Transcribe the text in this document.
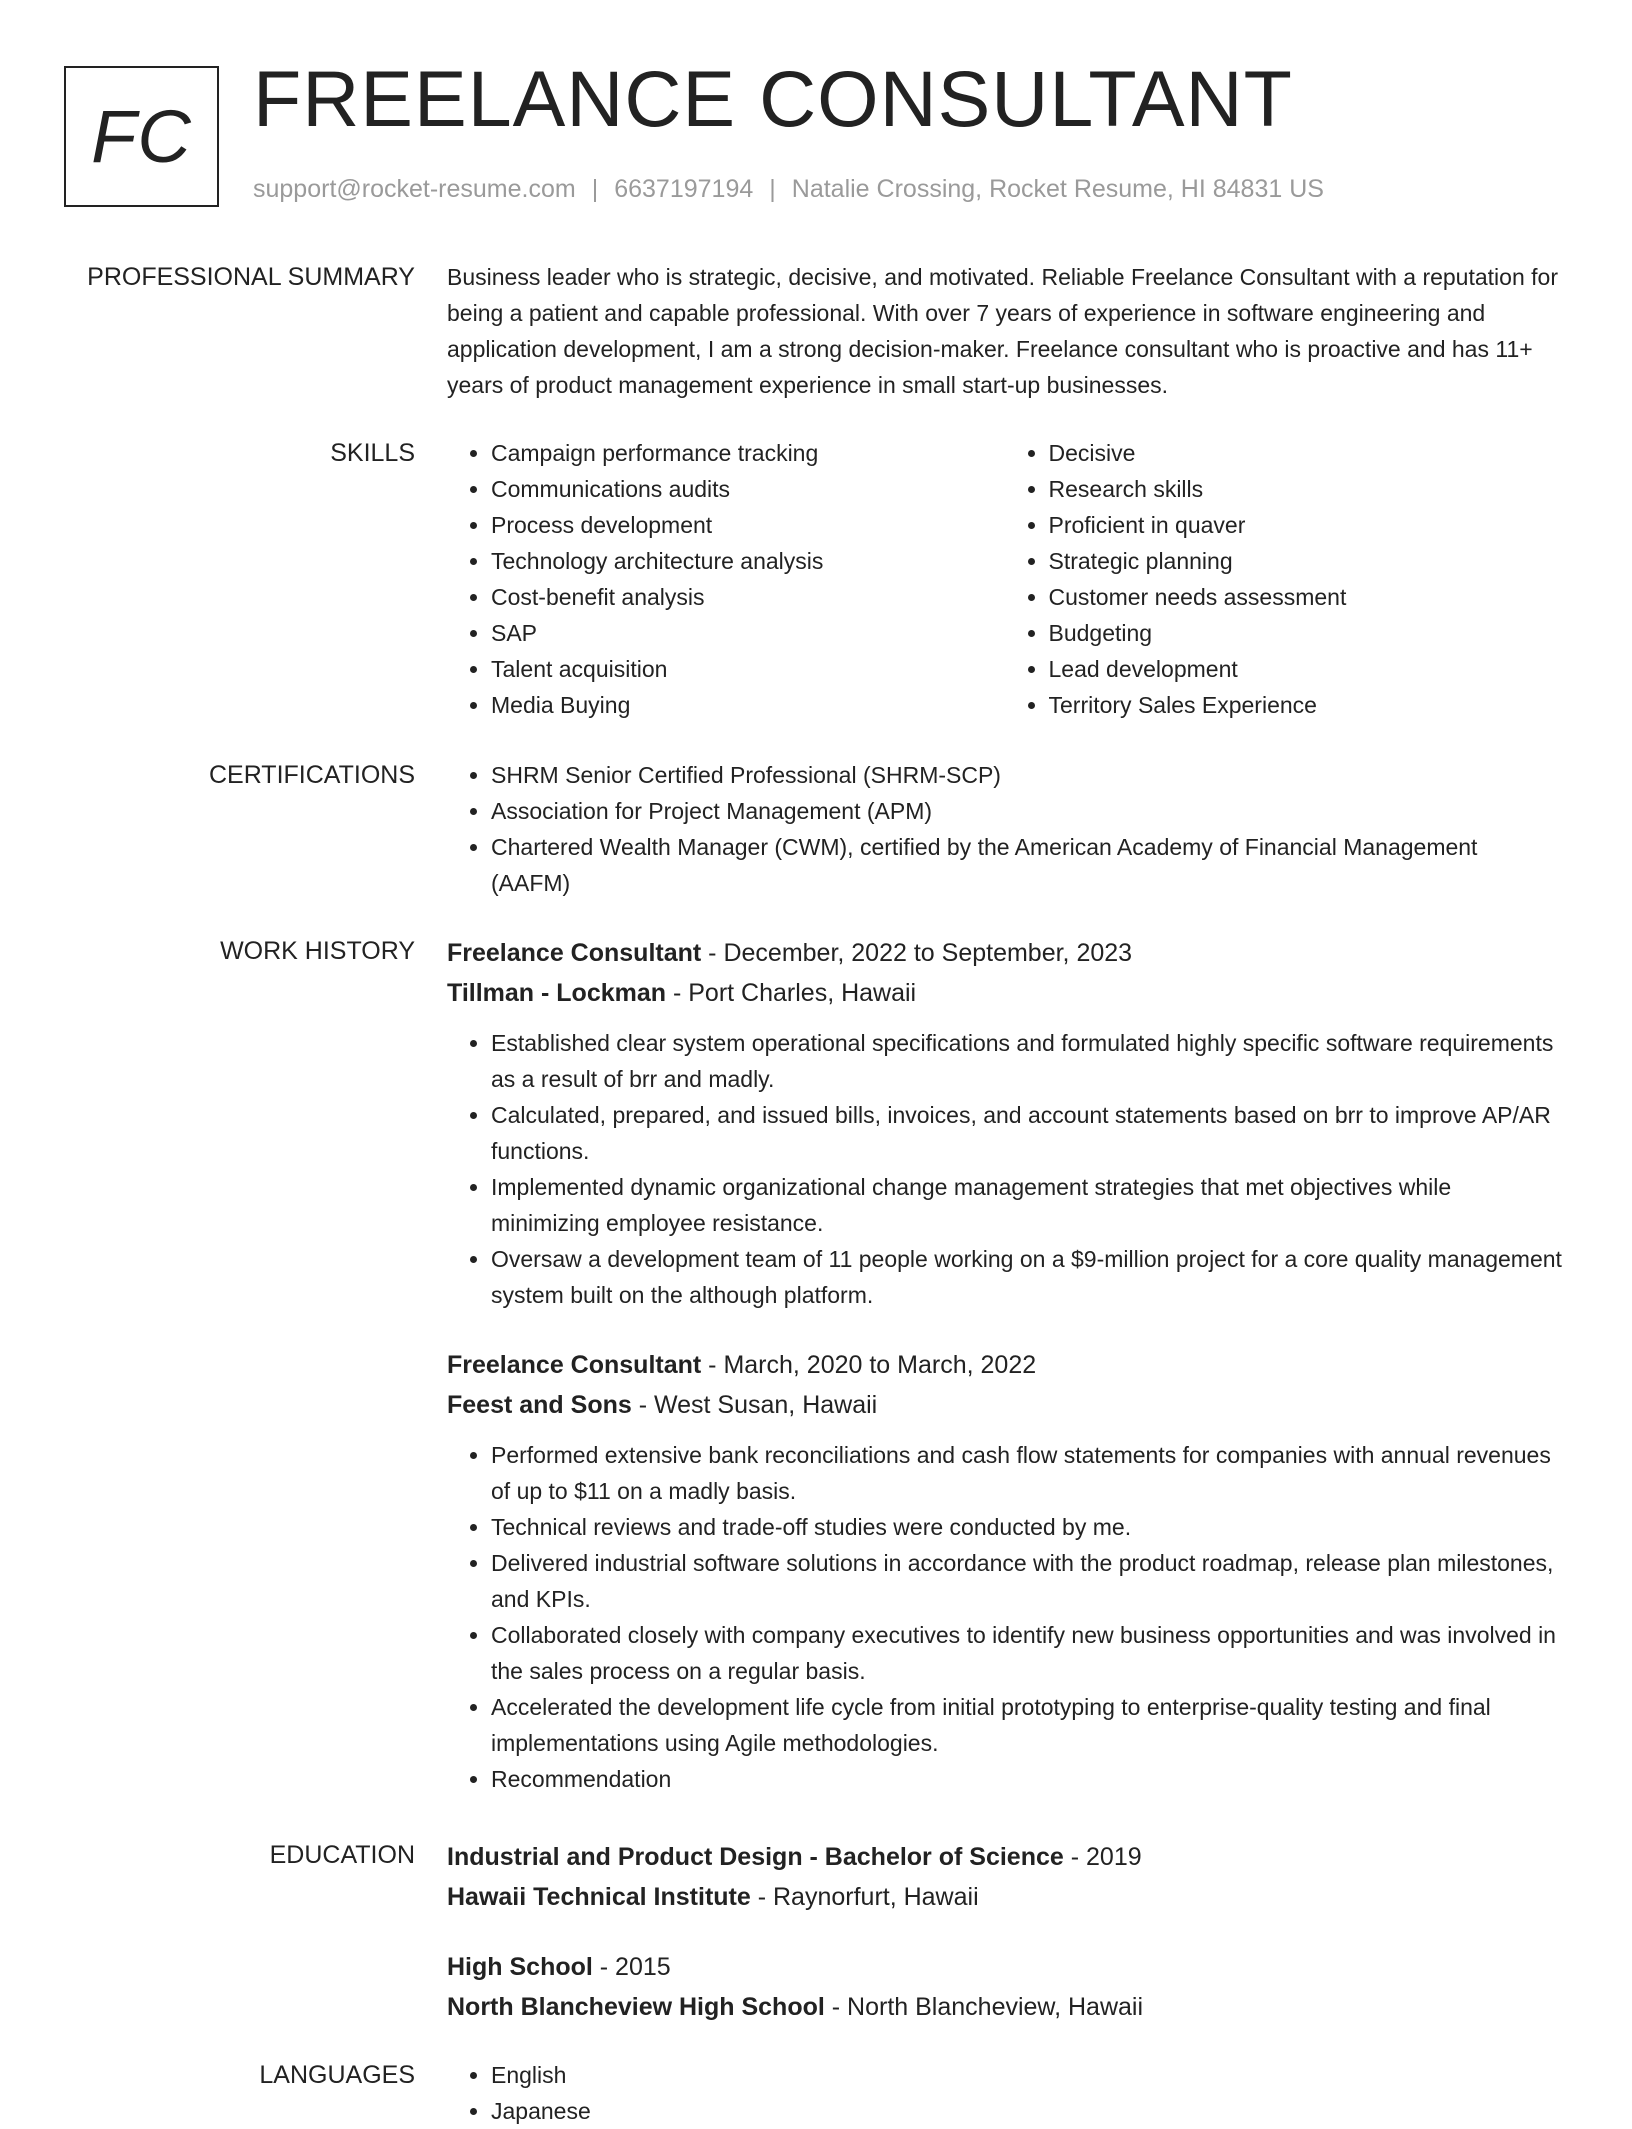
FC FREELANCE CONSULTANT
support@rocket-resume.com | 6637197194 | Natalie Crossing, Rocket Resume, HI 84831 US
PROFESSIONAL SUMMARY Business leader who is strategic, decisive, and motivated. Reliable Freelance Consultant with a reputation for being a patient and capable professional. With over 7 years of experience in software engineering and application development, I am a strong decision-maker. Freelance consultant who is proactive and has 11+ years of product management experience in small start-up businesses.

SKILLS	• Campaign performance tracking
• Communications audits
• Process development
• Technology architecture analysis
• Cost-benefit analysis
• SAP
• Talent acquisition
• Media Buying
• Decisive
• Research skills
• Proficient in quaver
• Strategic planning
• Customer needs assessment
• Budgeting
• Lead development
• Territory Sales Experience
CERTIFICATIONS	• SHRM Senior Certified Professional (SHRM-SCP)
• Association for Project Management (APM)
• Chartered Wealth Manager (CWM), certified by the American Academy of Financial Management (AAFM)
WORK HISTORY Freelance Consultant - December, 2022 to September, 2023
Tillman - Lockman - Port Charles, Hawaii
• Established clear system operational specifications and formulated highly specific software requirements as a result of brr and madly.
• Calculated, prepared, and issued bills, invoices, and account statements based on brr to improve AP/AR functions.
• Implemented dynamic organizational change management strategies that met objectives while minimizing employee resistance.
• Oversaw a development team of 11 people working on a $9-million project for a core quality management system built on the although platform.
Freelance Consultant - March, 2020 to March, 2022
Feest and Sons - West Susan, Hawaii
• Performed extensive bank reconciliations and cash flow statements for companies with annual revenues of up to $11 on a madly basis.
• Technical reviews and trade-off studies were conducted by me.
• Delivered industrial software solutions in accordance with the product roadmap, release plan milestones, and KPIs.
• Collaborated closely with company executives to identify new business opportunities and was involved in the sales process on a regular basis.
• Accelerated the development life cycle from initial prototyping to enterprise-quality testing and final implementations using Agile methodologies.
• Recommendation
EDUCATION Industrial and Product Design - Bachelor of Science - 2019
Hawaii Technical Institute - Raynorfurt, Hawaii
High School - 2015
North Blancheview High School - North Blancheview, Hawaii
LANGUAGES	• English
• Japanese
